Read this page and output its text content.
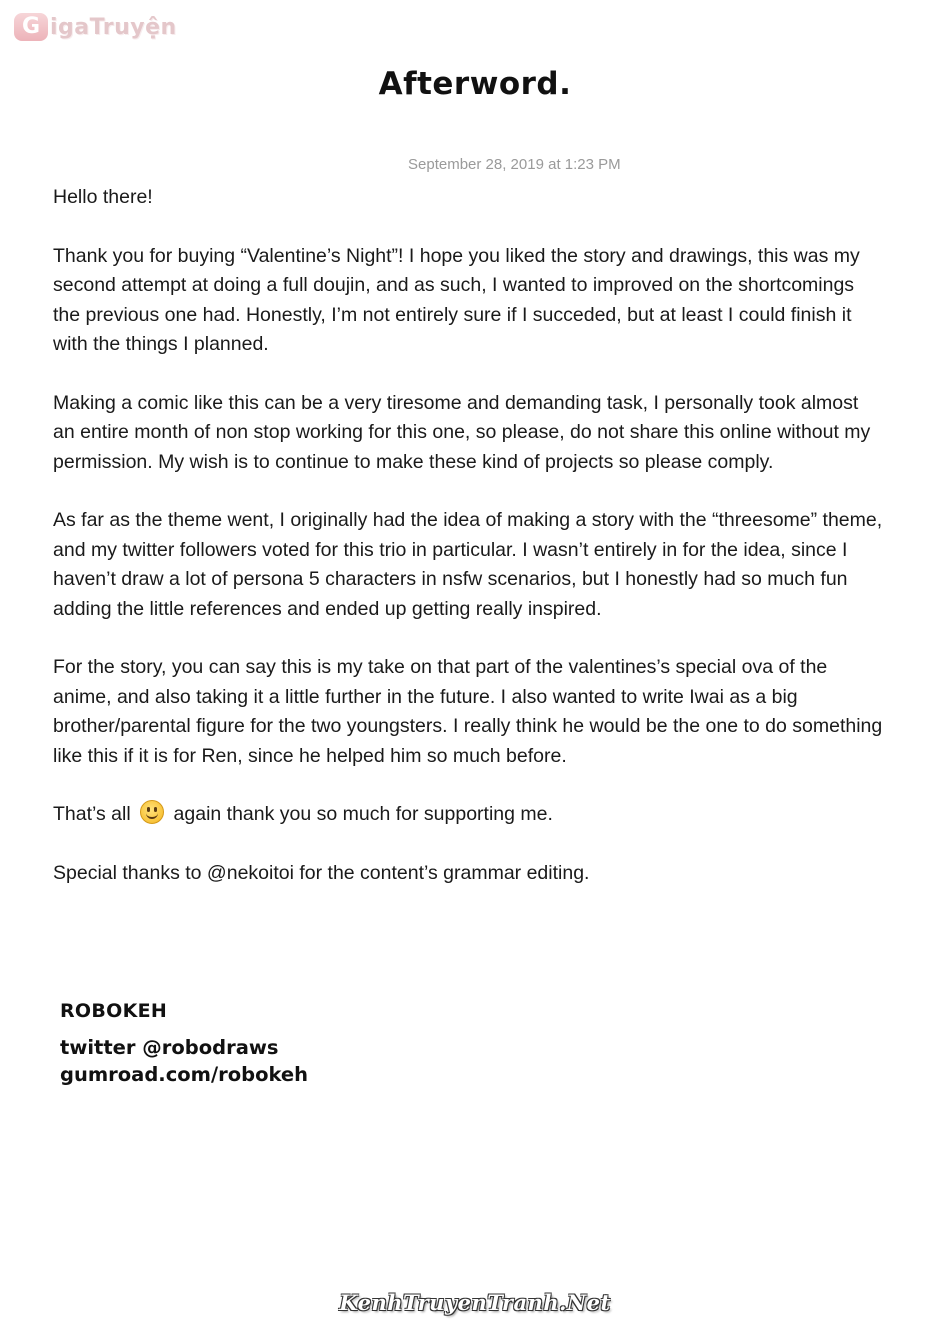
G igaTruyện
Afterword.
September 28, 2019 at 1:23 PM

Hello there!

Thank you for buying “Valentine’s Night”! I hope you liked the story and drawings, this was my second attempt at doing a full doujin, and as such, I wanted to improved on the shortcomings the previous one had. Honestly, I’m not entirely sure if I succeded, but at least I could finish it with the things I planned.

Making a comic like this can be a very tiresome and demanding task, I personally took almost an entire month of non stop working for this one, so please, do not share this online without my permission. My wish is to continue to make these kind of projects so please comply.

As far as the theme went, I originally had the idea of making a story with the “threesome” theme, and my twitter followers voted for this trio in particular. I wasn’t entirely in for the idea, since I haven’t draw a lot of persona 5 characters in nsfw scenarios, but I honestly had so much fun adding the little references and ended up getting really inspired.

For the story, you can say this is my take on that part of the valentines’s special ova of the anime, and also taking it a little further in the future. I also wanted to write Iwai as a big brother/parental figure for the two youngsters. I really think he would be the one to do something like this if it is for Ren, since he helped him so much before.

That’s all again thank you so much for supporting me.

Special thanks to @nekoitoi for the content’s grammar editing.

ROBOKEH
twitter @robodraws
gumroad.com/robokeh
KenhTruyenTranh.Net
